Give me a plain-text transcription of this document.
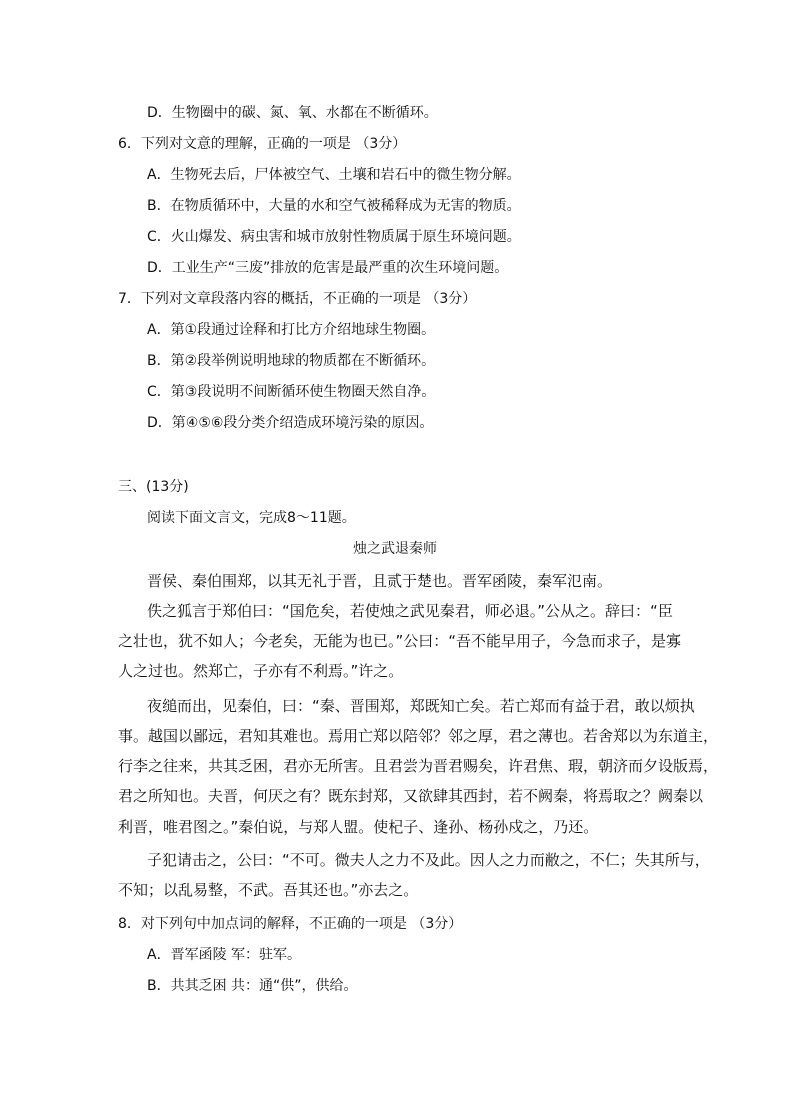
D．生物圈中的碳、氮、氧、水都在不断循环。
6．下列对文意的理解，正确的一项是 （3分）
A．生物死去后，尸体被空气、土壤和岩石中的微生物分解。
B．在物质循环中，大量的水和空气被稀释成为无害的物质。
C．火山爆发、病虫害和城市放射性物质属于原生环境问题。
D．工业生产“三废”排放的危害是最严重的次生环境问题。
7．下列对文章段落内容的概括，不正确的一项是 （3分）
A．第①段通过诠释和打比方介绍地球生物圈。
B．第②段举例说明地球的物质都在不断循环。
C．第③段说明不间断循环使生物圈天然自净。
D．第④⑤⑥段分类介绍造成环境污染的原因。
三、(13分)
阅读下面文言文，完成8～11题。
烛之武退秦师
晋侯、秦伯围郑，以其无礼于晋，且贰于楚也。晋军函陵，秦军氾南。
佚之狐言于郑伯曰：“国危矣，若使烛之武见秦君，师必退。”公从之。辞曰：“臣
之壮也，犹不如人；今老矣，无能为也已。”公曰：“吾不能早用子，今急而求子，是寡
人之过也。然郑亡，子亦有不利焉。”许之。
夜缒而出，见秦伯，曰：“秦、晋围郑，郑既知亡矣。若亡郑而有益于君，敢以烦执
事。越国以鄙远，君知其难也。焉用亡郑以陪邻？邻之厚，君之薄也。若舍郑以为东道主，
行李之往来，共其乏困，君亦无所害。且君尝为晋君赐矣，许君焦、瑕，朝济而夕设版焉，
君之所知也。夫晋，何厌之有？既东封郑，又欲肆其西封，若不阙秦，将焉取之？阙秦以
利晋，唯君图之。”秦伯说，与郑人盟。使杞子、逢孙、杨孙戍之，乃还。
子犯请击之，公曰：“不可。微夫人之力不及此。因人之力而敝之，不仁；失其所与，
不知；以乱易整，不武。吾其还也。”亦去之。
8．对下列句中加点词的解释，不正确的一项是 （3分）
A．晋军函陵 军：驻军。
B．共其乏困 共：通“供”，供给。
